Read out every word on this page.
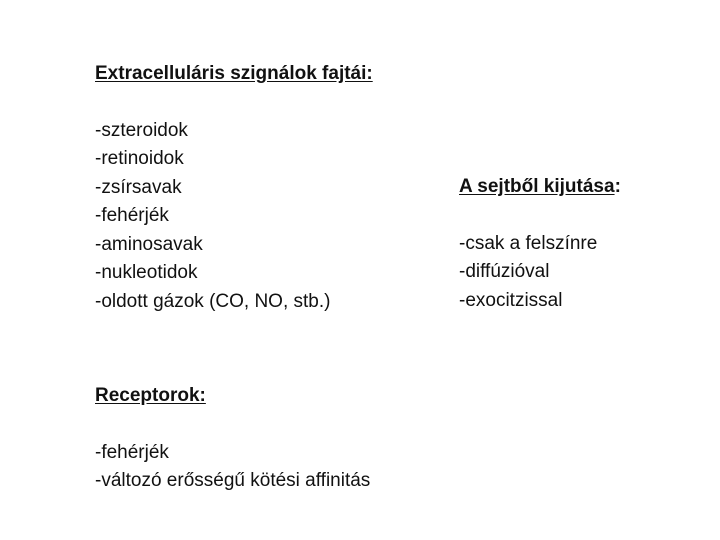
Extracelluláris szignálok fajtái:
-szteroidok
-retinoidok
-zsírsavak
-fehérjék
-aminosavak
-nukleotidok
-oldott gázok (CO, NO, stb.)
A sejtből kijutása:
-csak a felszínre
-diffúzióval
-exocitzissal
Receptorok:
-fehérjék
-változó erősségű kötési affinitás
